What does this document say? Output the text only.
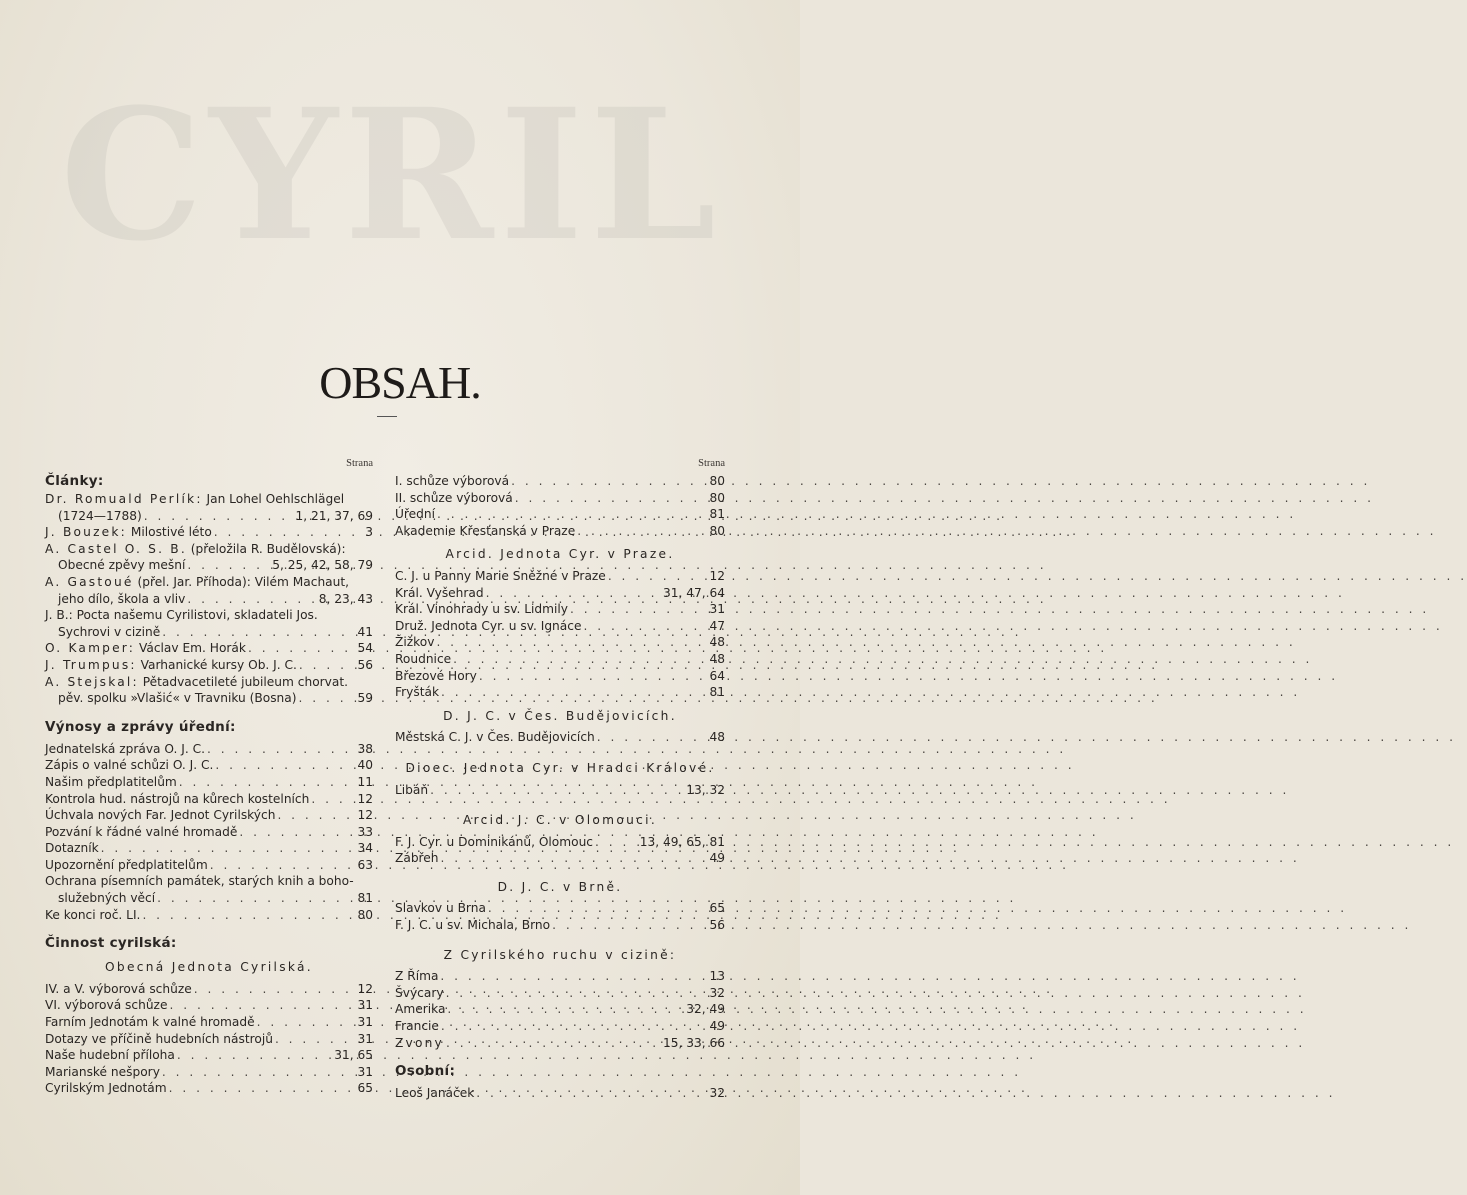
CYRIL
OBSAH.
Strana
Články:
Dr. Romuald Perlík: Jan Lohel Oehlschlägel
(1724—1788) . . .	1, 21, 37, 69
J. Bouzek: Milostivé léto . . .	3
A. Castel O. S. B. (přeložila R. Budělovská):
Obecné zpěvy mešní . . .	5, 25, 42, 58, 79
A. Gastoué (přel. Jar. Příhoda): Vilém Machaut,
jeho dílo, škola a vliv . . .	8, 23, 43
J. B.: Pocta našemu Cyrilistovi, skladateli Jos.
Sychrovi v cizině . . .	41
O. Kamper: Václav Em. Horák . . .	54
J. Trumpus: Varhanické kursy Ob. J. C. . . .	56
A. Stejskal: Pětadvacetileté jubileum chorvat.
pěv. spolku »Vlašić« v Travniku (Bosna) . . .	59
Výnosy a zprávy úřední:
Jednatelská zpráva O. J. C. . . .	38
Zápis o valné schůzi O. J. C. . . .	40
Našim předplatitelům . . .	11
Kontrola hud. nástrojů na kůrech kostelních . . .	12
Úchvala nových Far. Jednot Cyrilských . . .	12
Pozvání k řádné valné hromadě . . .	33
Dotazník . . .	34
Upozornění předplatitelům . . .	63
Ochrana písemních památek, starých knih a boho-
služebných věcí . . .	81
Ke konci roč. LI. . . .	80
Činnost cyrilská:
Obecná Jednota Cyrilská.
IV. a V. výborová schůze . . .	12
VI. výborová schůze . . .	31
Farním Jednotám k valné hromadě . . .	31
Dotazy ve příčině hudebních nástrojů . . .	31
Naše hudební příloha . . .	31, 65
Marianské nešpory . . .	31
Cyrilským Jednotám . . .	65
Strana
I. schůze výborová . . .	80
II. schůze výborová . . .	80
Úřední . . .	81
Akademie Křesťanská v Praze . . .	80
Arcid. Jednota Cyr. v Praze.
C. J. u Panny Marie Sněžné v Praze . . .	12
Král. Vyšehrad . . .	31, 47, 64
Král. Vinohrady u sv. Lidmily . . .	31
Druž. Jednota Cyr. u sv. Ignáce . . .	47
Žižkov . . .	48
Roudnice . . .	48
Březové Hory . . .	64
Fryšták . . .	81
D. J. C. v Čes. Budějovicích.
Městská C. J. v Čes. Budějovicích . . .	48
Dioec. Jednota Cyr. v Hradci Králové.
Libáň . . .	13, 32
Arcid. J. C. v Olomouci.
F. J. Cyr. u Dominikánů, Olomouc . . .	13, 49, 65, 81
Zábřeh . . .	49
D. J. C. v Brně.
Slavkov u Brna . . .	65
F. J. C. u sv. Michala, Brno . . .	56
Z Cyrilského ruchu v cizině:
Z Říma . . .	13
Švýcary . . .	32
Amerika . . .	32, 49
Francie . . .	49
Zvony . . .	15, 33, 66
Osobní:
Leoš Janáček . . .	32
